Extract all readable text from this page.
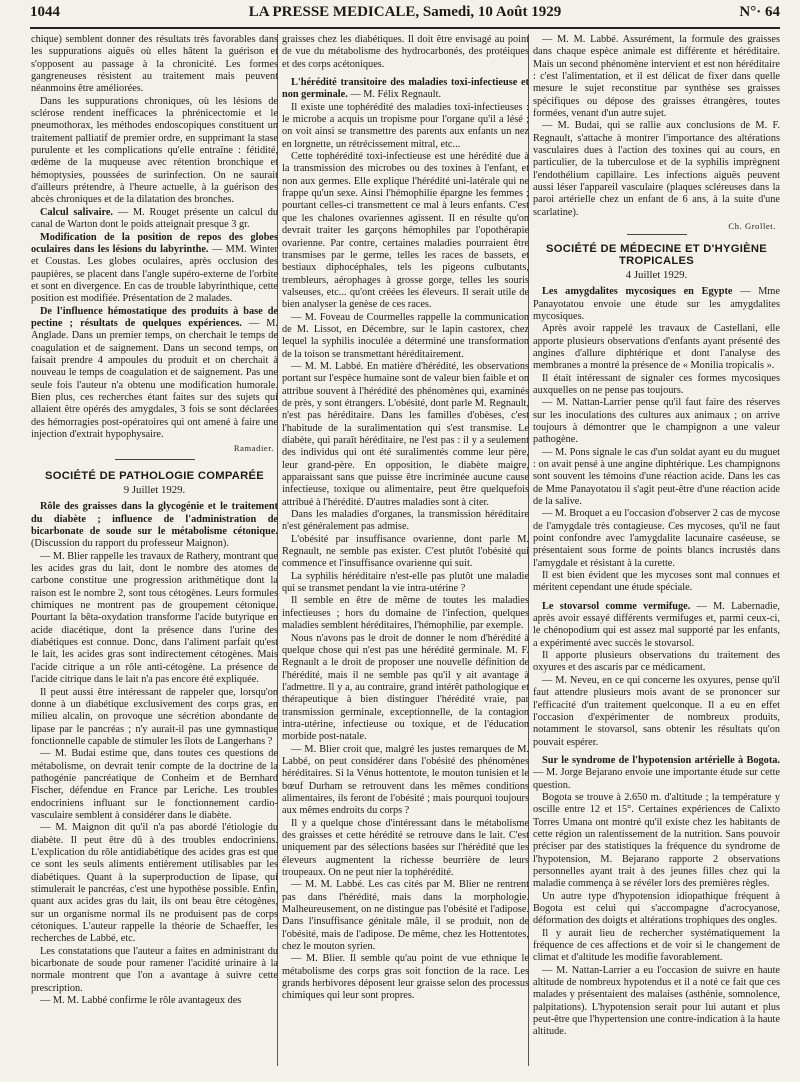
1044	LA PRESSE MEDICALE, Samedi, 10 Août 1929	N°· 64

chique) semblent donner des résultats très favorables dans les suppurations aiguës où elles hâtent la guérison et s'opposent au passage à la chronicité. Les formes gangreneuses résistent au traitement mais peuvent néanmoins être améliorées.

Dans les suppurations chroniques, où les lésions de sclérose rendent inefficaces la phrénicectomie et le pneumothorax, les méthodes endoscopiques constituent un traitement palliatif de premier ordre, en supprimant la stase purulente et les complications qu'elle entraîne : fétidité, œdème de la muqueuse avec rétention bronchique et hémoptysies, poussées de surinfection. On ne saurait d'ailleurs prétendre, à l'heure actuelle, à la guérison des abcès chroniques et de la dilatation des bronches.

Calcul salivaire. — M. Rouget présente un calcul du canal de Warton dont le poids atteignait presque 3 gr.

Modification de la position de repos des globes oculaires dans les lésions du labyrinthe. — MM. Winter et Coustas. Les globes oculaires, après occlusion des paupières, se placent dans l'angle supéro-externe de l'orbite et sont en divergence. En cas de trouble labyrinthique, cette position est modifiée. Présentation de 2 malades.

De l'influence hémostatique des produits à base de pectine ; résultats de quelques expériences. — M. Anglade. Dans un premier temps, on cherchait le temps de coagulation et de saignement. Dans un second temps, on faisait prendre 4 ampoules du produit et on cherchait à nouveau le temps de coagulation et de saignement. Pas une seule fois l'auteur n'a obtenu une modification humorale. Bien plus, ces recherches étant faites sur des sujets qui allaient être opérés des amygdales, 3 fois se sont déclarées des hémorragies post-opératoires qui ont amené à faire une injection d'extrait hypophysaire.

Ramadier.
SOCIÉTÉ DE PATHOLOGIE COMPARÉE
9 Juillet 1929.

Rôle des graisses dans la glycogénie et le traitement du diabète ; influence de l'administration de bicarbonate de soude sur le métabolisme cétonique. (Discussion du rapport du professeur Maignon).

— M. Blier rappelle les travaux de Rathery, montrant que les acides gras du lait, dont le nombre des atomes de carbone constitue une progression arithmétique dont la raison est le nombre 2, sont tous cétogènes. Leurs formules chimiques ne montrent pas de groupement cétonique. Pourtant la bêta-oxydation transforme l'acide butyrique en acide diacétique, dont la présence dans l'urine des diabétiques est connue. Donc, dans l'aliment parfait qu'est le lait, les acides gras sont indirectement cétogènes. Mais l'acide citrique a un rôle anti-cétogène. La présence de l'acide citrique dans le lait n'a pas encore été expliquée.

Il peut aussi être intéressant de rappeler que, lorsqu'on donne à un diabétique exclusivement des corps gras, en milieu alcalin, on provoque une sécrétion abondante de lipase par le pancréas ; n'y aurait-il pas une gymnastique fonctionnelle capable de stimuler les îlots de Langerhans ?

— M. Budai estime que, dans toutes ces questions de métabolisme, on devrait tenir compte de la doctrine de la pathogénie pancréatique de Conheim et de Bernhard Fischer, défendue en France par Leriche. Les troubles endocriniens influant sur le fonctionnement cardio-vasculaire semblent à considérer dans le diabète.

— M. Maignon dit qu'il n'a pas abordé l'étiologie du diabète. Il peut être dû à des troubles endocriniens. L'explication du rôle antidiabétique des acides gras est que ce sont les seuls aliments entièrement utilisables par les diabétiques. Quant à la superproduction de lipase, qui stimulerait le pancréas, c'est une hypothèse possible. Enfin, quant aux acides gras du lait, ils ont beau être cétogènes, sur un organisme normal ils ne produisent pas de corps cétoniques. L'auteur rappelle la théorie de Schaeffer, les recherches de Labbé, etc.

Les constatations que l'auteur a faites en administrant du bicarbonate de soude pour ramener l'acidité urinaire à la normale montrent que l'on a avantage à suivre cette prescription.

— M. M. Labbé confirme le rôle avantageux des

graisses chez les diabétiques. Il doit être envisagé au point de vue du métabolisme des hydrocarbonés, des protéiques et des corps acétoniques.

L'hérédité transitoire des maladies toxi-infectieuse et non germinale. — M. Félix Regnault.

Il existe une tophérédité des maladies toxi-infectieuses : le microbe a acquis un tropisme pour l'organe qu'il a lésé ; on voit ainsi se transmettre des parents aux enfants un nez en lorgnette, un rétrécissement mitral, etc...

Cette tophérédité toxi-infectieuse est une hérédité due à la transmission des microbes ou des toxines à l'enfant, et non aux germes. Elle explique l'hérédité uni-latérale qui ne frappe qu'un sexe. Ainsi l'hémophilie épargne les femmes ; pourtant celles-ci transmettent ce mal à leurs enfants. C'est que les chalones ovariennes agissent. Il en résulte qu'on devrait traiter les garçons hémophiles par l'opothérapie ovarienne. Par contre, certaines maladies pourraient être transmises par le germe, telles les races de bassets, et bestiaux diphocéphales, tels les pigeons culbutants, trembleurs, aérophages à grosse gorge, telles les souris valseuses, etc... qu'ont créées les éleveurs. Il serait utile de bien analyser la genèse de ces races.

— M. Foveau de Courmelles rappelle la communication de M. Lissot, en Décembre, sur le lapin castorex, chez lequel la syphilis inoculée a déterminé une transformation de la toison se transmettant héréditairement.

— M. M. Labbé. En matière d'hérédité, les observations portant sur l'espèce humaine sont de valeur bien faible et on attribue souvent à l'hérédité des phénomènes qui, examinés de près, y sont étrangers. L'obésité, dont parle M. Regnault, n'est pas héréditaire. Dans les familles d'obèses, c'est l'habitude de la suralimentation qui s'est transmise. Le diabète, qui paraît héréditaire, ne l'est pas : il y a seulement des individus qui ont été suralimentés comme leur père, leur grand-père. En opposition, le diabète maigre, apparaissant sans que puisse être incriminée aucune cause infectieuse, toxique ou alimentaire, peut être quelquefois attribué à l'hérédité. D'autres maladies sont à citer.

Dans les maladies d'organes, la transmission héréditaire n'est généralement pas admise.

L'obésité par insuffisance ovarienne, dont parle M. Regnault, ne semble pas exister. C'est plutôt l'obésité qui commence et l'insuffisance ovarienne qui suit.

La syphilis héréditaire n'est-elle pas plutôt une maladie qui se transmet pendant la vie intra-utérine ?

Il semble en être de même de toutes les maladies infectieuses ; hors du domaine de l'infection, quelques maladies semblent héréditaires, l'hémophilie, par exemple.

Nous n'avons pas le droit de donner le nom d'hérédité à quelque chose qui n'est pas une hérédité germinale. M. F. Regnault a le droit de proposer une nouvelle définition de l'hérédité, mais il ne semble pas qu'il y ait avantage à l'admettre. Il y a, au contraire, grand intérêt pathologique et thérapeutique à bien distinguer l'hérédité vraie, par transmission germinale, exceptionnelle, de la contagion intra-utérine, infectieuse ou toxique, et de l'éducation morbide post-natale.

— M. Blier croit que, malgré les justes remarques de M. Labbé, on peut considérer dans l'obésité des phénomènes héréditaires. Si la Vénus hottentote, le mouton tunisien et le bœuf Durham se retrouvent dans les mêmes conditions alimentaires, ils feront de l'obésité ; mais pourquoi toujours aux mêmes endroits du corps ?

Il y a quelque chose d'intéressant dans le métabolisme des graisses et cette hérédité se retrouve dans le lait. C'est uniquement par des sélections basées sur l'hérédité que les éleveurs augmentent la richesse beurrière de leurs troupeaux. On ne peut nier la tophérédité.

— M. M. Labbé. Les cas cités par M. Blier ne rentrent pas dans l'hérédité, mais dans la morphologie. Malheureusement, on ne distingue pas l'obésité et l'adipose. Dans l'insuffisance génitale mâle, il se produit, non de l'obésité, mais de l'adipose. De même, chez les Hottentotes, chez le mouton syrien.

— M. Blier. Il semble qu'au point de vue ethnique le métabolisme des corps gras soit fonction de la race. Les grands herbivores déposent leur graisse selon des processus chimiques qui leur sont propres.

— M. M. Labbé. Assurément, la formule des graisses dans chaque espèce animale est différente et héréditaire. Mais un second phénomène intervient et est non héréditaire : c'est l'alimentation, et il est délicat de fixer dans quelle mesure le sujet reconstitue par synthèse ses graisses spécifiques ou dépose des graisses étrangères, toutes formées, venant d'un autre sujet.

— M. Budai, qui se rallie aux conclusions de M. F. Regnault, s'attache à montrer l'importance des altérations vasculaires dues à l'action des toxines qui au cours, en particulier, de la tuberculose et de la syphilis imprègnent l'endothélium capillaire. Les infections aiguës peuvent aussi léser l'appareil vasculaire (plaques scléreuses dans la paroi artérielle chez un enfant de 6 ans, à la suite d'une scarlatine).

Ch. Grollet.
SOCIÉTÉ DE MÉDECINE ET D'HYGIÈNE TROPICALES
4 Juillet 1929.

Les amygdalites mycosiques en Egypte — Mme Panayotatou envoie une étude sur les amygdalites mycosiques.

Après avoir rappelé les travaux de Castellani, elle apporte plusieurs observations d'enfants ayant présenté des angines d'allure diphtérique et dont l'analyse des membranes a montré la présence de « Monilia tropicalis ».

Il était intéressant de signaler ces formes mycosiques auxquelles on ne pense pas toujours.

— M. Nattan-Larrier pense qu'il faut faire des réserves sur les inoculations des cultures aux animaux ; on arrive toujours à démontrer que le champignon a une valeur pathogène.

— M. Pons signale le cas d'un soldat ayant eu du muguet : on avait pensé à une angine diphtérique. Les champignons sont souvent les témoins d'une réaction acide. Dans les cas de Mme Panayotatou il s'agit peut-être d'une réaction acide de la salive.

— M. Broquet a eu l'occasion d'observer 2 cas de mycose de l'amygdale très contagieuse. Ces mycoses, qu'il ne faut point confondre avec l'amygdalite lacunaire caséeuse, se présentaient sous forme de points blancs incrustés dans l'amygdale et résistant à la curette.

Il est bien évident que les mycoses sont mal connues et méritent cependant une étude spéciale.

Le stovarsol comme vermifuge. — M. Labernadie, après avoir essayé différents vermifuges et, parmi ceux-ci, le chénopodium qui est assez mal supporté par les enfants, a expérimenté avec succès le stovarsol.

Il apporte plusieurs observations du traitement des oxyures et des ascaris par ce médicament.

— M. Neveu, en ce qui concerne les oxyures, pense qu'il faut attendre plusieurs mois avant de se prononcer sur l'efficacité d'un traitement quelconque. Il a eu en effet l'occasion d'expérimenter de nombreux produits, notamment le stovarsol, sans obtenir les résultats qu'on pouvait espérer.

Sur le syndrome de l'hypotension artérielle à Bogota. — M. Jorge Bejarano envoie une importante étude sur cette question.

Bogota se trouve à 2.650 m. d'altitude ; la température y oscille entre 12 et 15°. Certaines expériences de Calixto Torres Umana ont montré qu'il existe chez les habitants de cette région un ralentissement de la nutrition. Sans pouvoir préciser par des statistiques la fréquence du syndrome de l'hypotension, M. Bejarano rapporte 2 observations personnelles ayant trait à des jeunes filles chez qui la maladie commença à se révéler lors des premières règles.

Un autre type d'hypotension idiopathique fréquent à Bogota est celui qui s'accompagne d'acrocyanose, déformation des doigts et altérations trophiques des ongles.

Il y aurait lieu de rechercher systématiquement la fréquence de ces affections et de voir si le changement de climat et d'altitude les modifie favorablement.

— M. Nattan-Larrier a eu l'occasion de suivre en haute altitude de nombreux hypotendus et il a noté ce fait que ces malades y présentaient des malaises (asthénie, somnolence, palpitations). L'hypotension serait pour lui autant et plus peut-être que l'hypertension une contre-indication à la haute altitude.
